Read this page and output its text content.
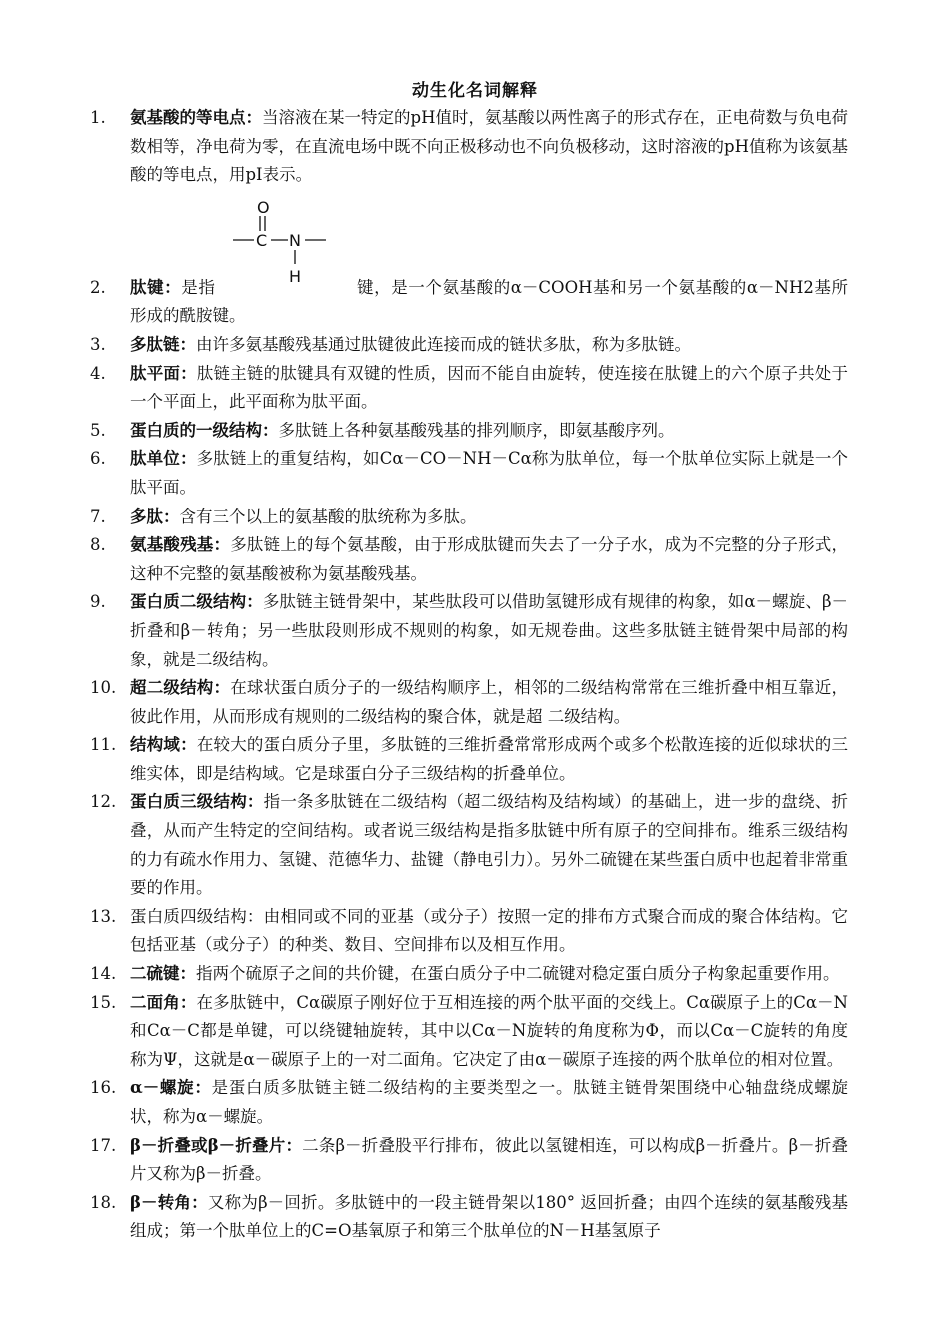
动生化名词解释
O
C N
H
1.	氨基酸的等电点：当溶液在某一特定的pH值时，氨基酸以两性离子的形式存在，正电荷数与负电荷数相等，净电荷为零，在直流电场中既不向正极移动也不向负极移动，这时溶液的pH值称为该氨基酸的等电点，用pI表示。
2.	肽键：是指	键，是一个氨基酸的α－COOH基和另一个氨基酸的α－NH2基所形成的酰胺键。
3.	多肽链：由许多氨基酸残基通过肽键彼此连接而成的链状多肽，称为多肽链。
4.	肽平面：肽链主链的肽键具有双键的性质，因而不能自由旋转，使连接在肽键上的六个原子共处于一个平面上，此平面称为肽平面。
5.	蛋白质的一级结构：多肽链上各种氨基酸残基的排列顺序，即氨基酸序列。
6.	肽单位：多肽链上的重复结构，如Cα－CO－NH－Cα称为肽单位，每一个肽单位实际上就是一个肽平面。
7.	多肽：含有三个以上的氨基酸的肽统称为多肽。
8.	氨基酸残基：多肽链上的每个氨基酸，由于形成肽键而失去了一分子水，成为不完整的分子形式，这种不完整的氨基酸被称为氨基酸残基。
9.	蛋白质二级结构：多肽链主链骨架中，某些肽段可以借助氢键形成有规律的构象，如α－螺旋、β－折叠和β－转角；另一些肽段则形成不规则的构象，如无规卷曲。这些多肽链主链骨架中局部的构象，就是二级结构。
10. 超二级结构：在球状蛋白质分子的一级结构顺序上，相邻的二级结构常常在三维折叠中相互靠近，彼此作用，从而形成有规则的二级结构的聚合体，就是超 二级结构。
11. 结构域：在较大的蛋白质分子里，多肽链的三维折叠常常形成两个或多个松散连接的近似球状的三维实体，即是结构域。它是球蛋白分子三级结构的折叠单位。
12. 蛋白质三级结构：指一条多肽链在二级结构（超二级结构及结构域）的基础上，进一步的盘绕、折叠，从而产生特定的空间结构。或者说三级结构是指多肽链中所有原子的空间排布。维系三级结构的力有疏水作用力、氢键、范德华力、盐键（静电引力）。另外二硫键在某些蛋白质中也起着非常重要的作用。
13. 蛋白质四级结构：由相同或不同的亚基（或分子）按照一定的排布方式聚合而成的聚合体结构。它包括亚基（或分子）的种类、数目、空间排布以及相互作用。
14. 二硫键：指两个硫原子之间的共价键，在蛋白质分子中二硫键对稳定蛋白质分子构象起重要作用。
15. 二面角：在多肽链中，Cα碳原子刚好位于互相连接的两个肽平面的交线上。Cα碳原子上的Cα－N和Cα－C都是单键，可以绕键轴旋转，其中以Cα－N旋转的角度称为Φ，而以Cα－C旋转的角度称为Ψ，这就是α－碳原子上的一对二面角。它决定了由α－碳原子连接的两个肽单位的相对位置。
16. α－螺旋：是蛋白质多肽链主链二级结构的主要类型之一。肽链主链骨架围绕中心轴盘绕成螺旋状，称为α－螺旋。
17. β－折叠或β－折叠片：二条β－折叠股平行排布，彼此以氢键相连，可以构成β－折叠片。β－折叠片又称为β－折叠。
18. β－转角：又称为β－回折。多肽链中的一段主链骨架以180° 返回折叠；由四个连续的氨基酸残基组成；第一个肽单位上的C=O基氧原子和第三个肽单位的N－H基氢原子
